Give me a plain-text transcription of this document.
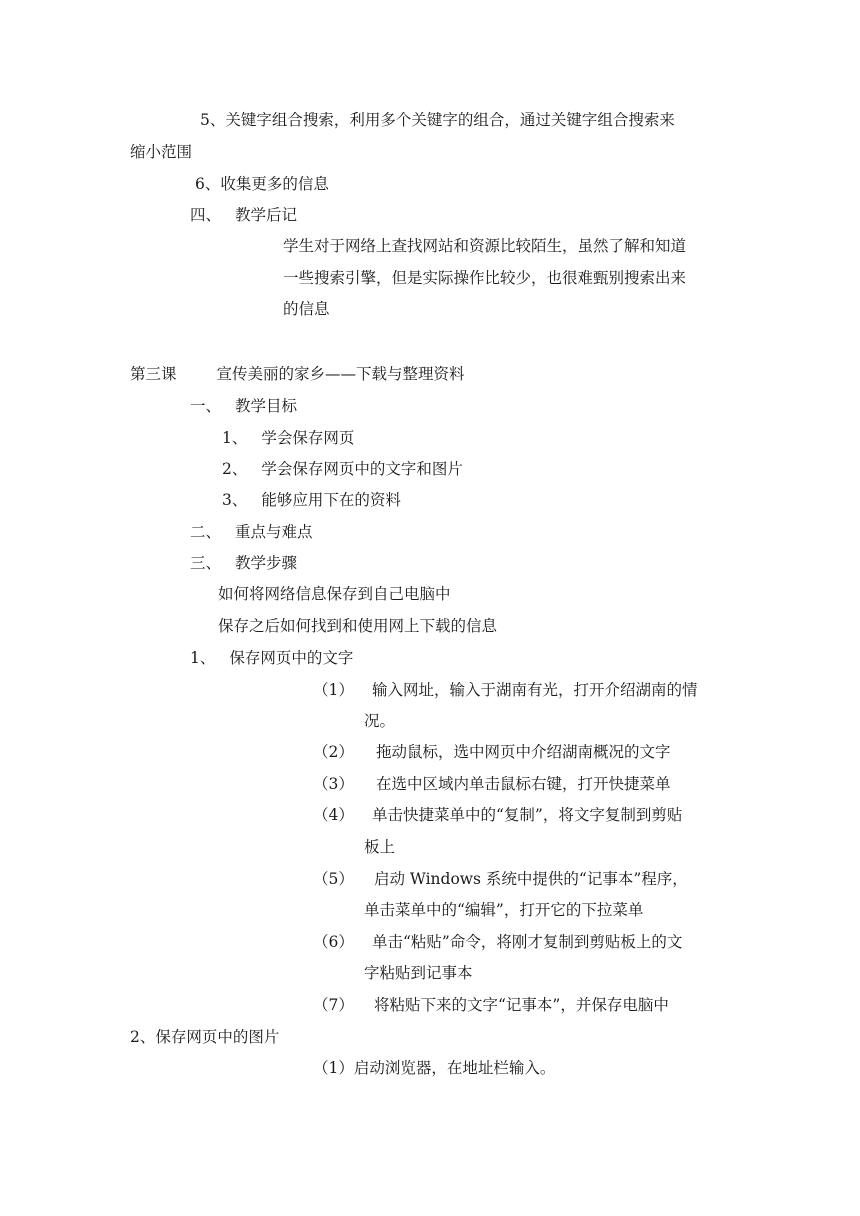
5、关键字组合搜索，利用多个关键字的组合，通过关键字组合搜索来
缩小范围
6、收集更多的信息
四、 教学后记
学生对于网络上查找网站和资源比较陌生，虽然了解和知道
一些搜索引擎，但是实际操作比较少，也很难甄别搜索出来
的信息
第三课	宣传美丽的家乡——下载与整理资料
一、 教学目标
1、 学会保存网页
2、 学会保存网页中的文字和图片
3、 能够应用下在的资料
二、 重点与难点
三、 教学步骤
如何将网络信息保存到自己电脑中
保存之后如何找到和使用网上下载的信息
1、 保存网页中的文字
（1） 输入网址，输入于湖南有光，打开介绍湖南的情
况。
（2） 拖动鼠标，选中网页中介绍湖南概况的文字
（3） 在选中区域内单击鼠标右键，打开快捷菜单
（4） 单击快捷菜单中的“复制”，将文字复制到剪贴
板上
（5） 启动 Windows 系统中提供的“记事本”程序，
单击菜单中的“编辑”，打开它的下拉菜单
（6） 单击“粘贴”命令，将刚才复制到剪贴板上的文
字粘贴到记事本
（7） 将粘贴下来的文字“记事本”，并保存电脑中
2、保存网页中的图片
（1）启动浏览器，在地址栏输入。
